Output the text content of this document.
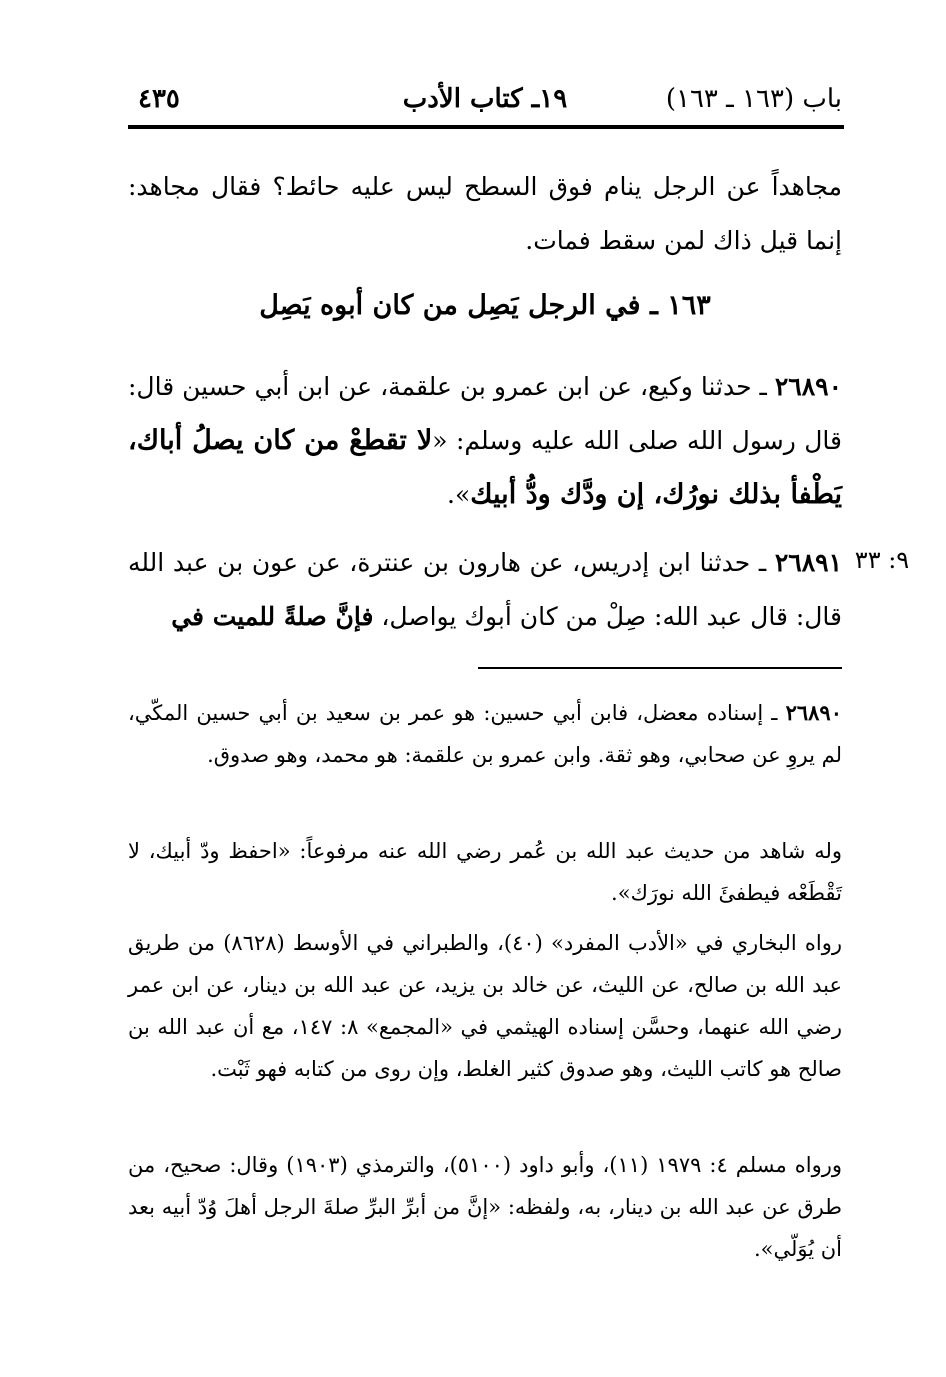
باب (١٦٣ ـ ١٦٣)
١٩ـ كتاب الأدب
٤٣٥

مجاهداً عن الرجل ينام فوق السطح ليس عليه حائط؟ فقال مجاهد: إنما قيل ذاك لمن سقط فمات.

١٦٣ ـ في الرجل يَصِل من كان أبوه يَصِل

٢٦٨٩٠ ـ حدثنا وكيع، عن ابن عمرو بن علقمة، عن ابن أبي حسين قال: قال رسول الله صلى الله عليه وسلم: «لا تقطعْ من كان يصلُ أباك، يَطْفأ بذلك نورُك، إن ودَّك ودُّ أبيك».

٩: ٣٣

٢٦٨٩١ ـ حدثنا ابن إدريس، عن هارون بن عنترة، عن عون بن عبد الله قال: قال عبد الله: صِلْ من كان أبوك يواصل، فإنَّ صلةً للميت في

٢٦٨٩٠ ـ إسناده معضل، فابن أبي حسين: هو عمر بن سعيد بن أبي حسين المكّي، لم يروِ عن صحابي، وهو ثقة. وابن عمرو بن علقمة: هو محمد، وهو صدوق.

وله شاهد من حديث عبد الله بن عُمر رضي الله عنه مرفوعاً: «احفظ ودّ أبيك، لا تَقْطَعْه فيطفئَ الله نورَك».

رواه البخاري في «الأدب المفرد» (٤٠)، والطبراني في الأوسط (٨٦٢٨) من طريق عبد الله بن صالح، عن الليث، عن خالد بن يزيد، عن عبد الله بن دينار، عن ابن عمر رضي الله عنهما، وحسَّن إسناده الهيثمي في «المجمع» ٨: ١٤٧، مع أن عبد الله بن صالح هو كاتب الليث، وهو صدوق كثير الغلط، وإن روى من كتابه فهو ثَبْت.

ورواه مسلم ٤: ١٩٧٩ (١١)، وأبو داود (٥١٠٠)، والترمذي (١٩٠٣) وقال: صحيح، من طرق عن عبد الله بن دينار، به، ولفظه: «إنَّ من أبرِّ البرِّ صلةَ الرجل أهلَ وُدّ أبيه بعد أن يُوَلّي».
